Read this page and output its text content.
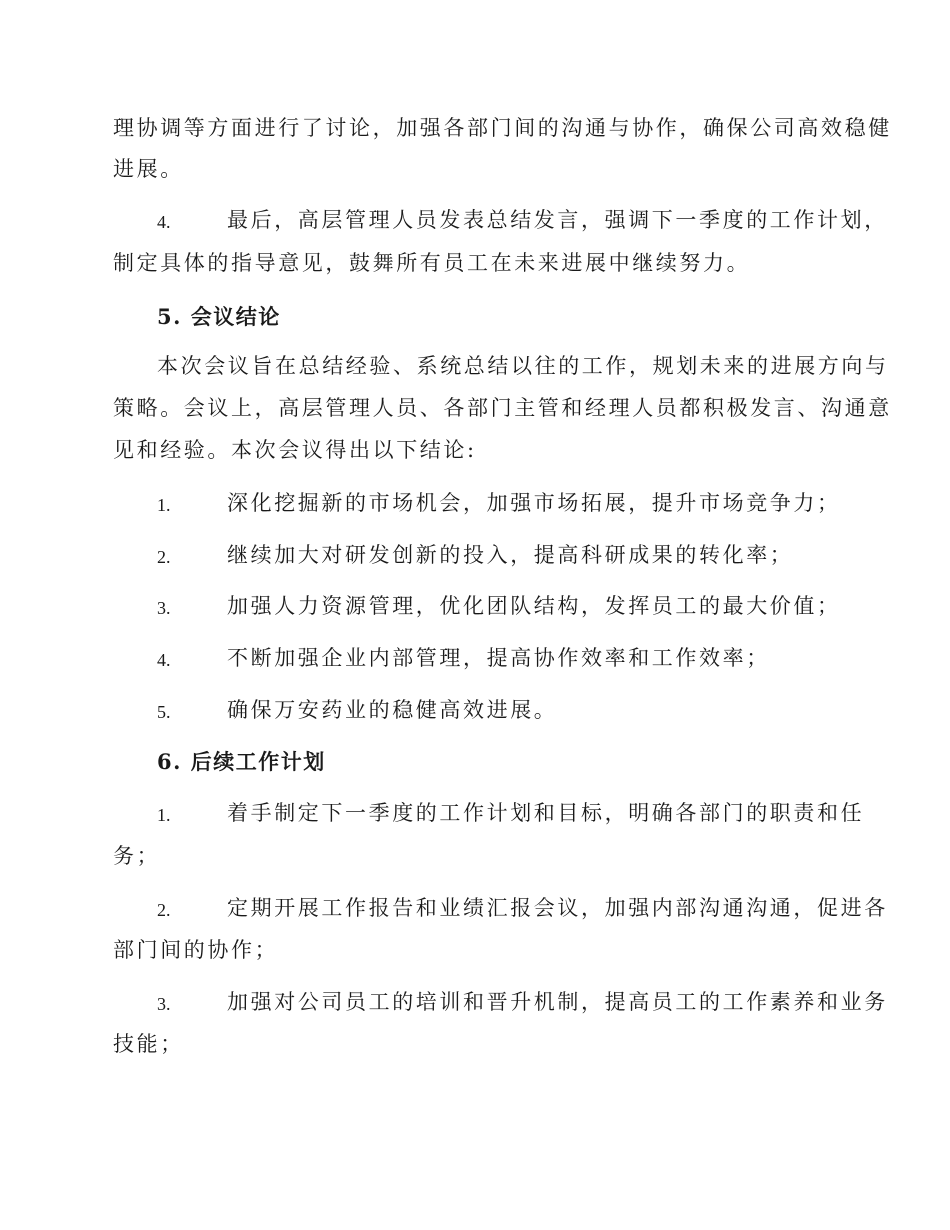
理协调等方面进行了讨论，加强各部门间的沟通与协作，确保公司高效稳健
进展。
4.	最后，高层管理人员发表总结发言，强调下一季度的工作计划，
制定具体的指导意见，鼓舞所有员工在未来进展中继续努力。
5. 会议结论
本次会议旨在总结经验、系统总结以往的工作，规划未来的进展方向与
策略。会议上，高层管理人员、各部门主管和经理人员都积极发言、沟通意
见和经验。本次会议得出以下结论:
1.	深化挖掘新的市场机会，加强市场拓展，提升市场竞争力；
2.	继续加大对研发创新的投入，提高科研成果的转化率；
3.	加强人力资源管理，优化团队结构，发挥员工的最大价值；
4.	不断加强企业内部管理，提高协作效率和工作效率；
5.	确保万安药业的稳健高效进展。
6. 后续工作计划
1.	着手制定下一季度的工作计划和目标，明确各部门的职责和任
务；
2.	定期开展工作报告和业绩汇报会议，加强内部沟通沟通，促进各
部门间的协作；
3.	加强对公司员工的培训和晋升机制，提高员工的工作素养和业务
技能；
